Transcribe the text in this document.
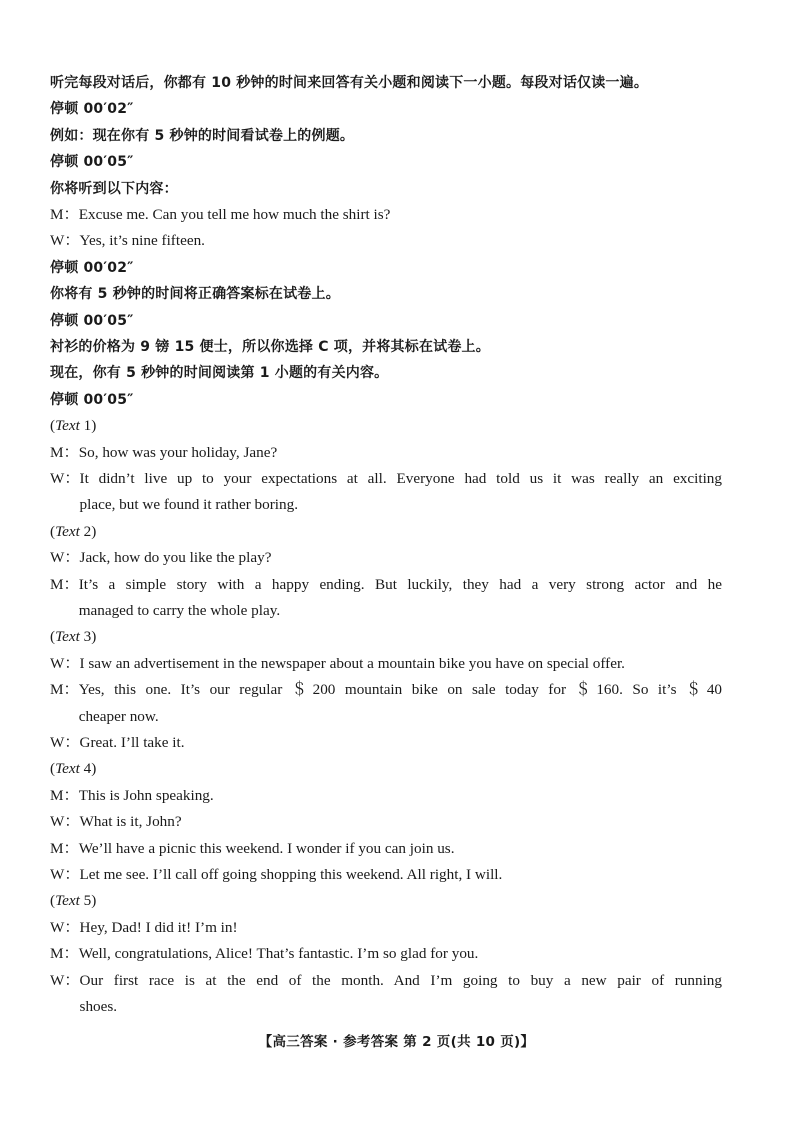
听完每段对话后，你都有 10 秒钟的时间来回答有关小题和阅读下一小题。每段对话仅读一遍。
停顿 00′02″
例如：现在你有 5 秒钟的时间看试卷上的例题。
停顿 00′05″
你将听到以下内容：
M： Excuse me. Can you tell me how much the shirt is?
W： Yes, it’s nine fifteen.
停顿 00′02″
你将有 5 秒钟的时间将正确答案标在试卷上。
停顿 00′05″
衬衫的价格为 9 镑 15 便士，所以你选择 C 项，并将其标在试卷上。
现在，你有 5 秒钟的时间阅读第 1 小题的有关内容。
停顿 00′05″
(Text 1)
M： So, how was your holiday, Jane?
W： It didn’t live up to your expectations at all. Everyone had told us it was really an exciting
place, but we found it rather boring.
(Text 2)
W： Jack, how do you like the play?
M： It’s a simple story with a happy ending. But luckily, they had a very strong actor and he
managed to carry the whole play.
(Text 3)
W： I saw an advertisement in the newspaper about a mountain bike you have on special offer.
M： Yes, this one. It’s our regular ＄200 mountain bike on sale today for ＄160. So it’s ＄40
cheaper now.
W： Great. I’ll take it.
(Text 4)
M： This is John speaking.
W： What is it, John?
M： We’ll have a picnic this weekend. I wonder if you can join us.
W： Let me see. I’ll call off going shopping this weekend. All right, I will.
(Text 5)
W： Hey, Dad! I did it! I’m in!
M： Well, congratulations, Alice! That’s fantastic. I’m so glad for you.
W： Our first race is at the end of the month. And I’m going to buy a new pair of running
shoes.
【高三答案 · 参考答案 第 2 页(共 10 页)】
